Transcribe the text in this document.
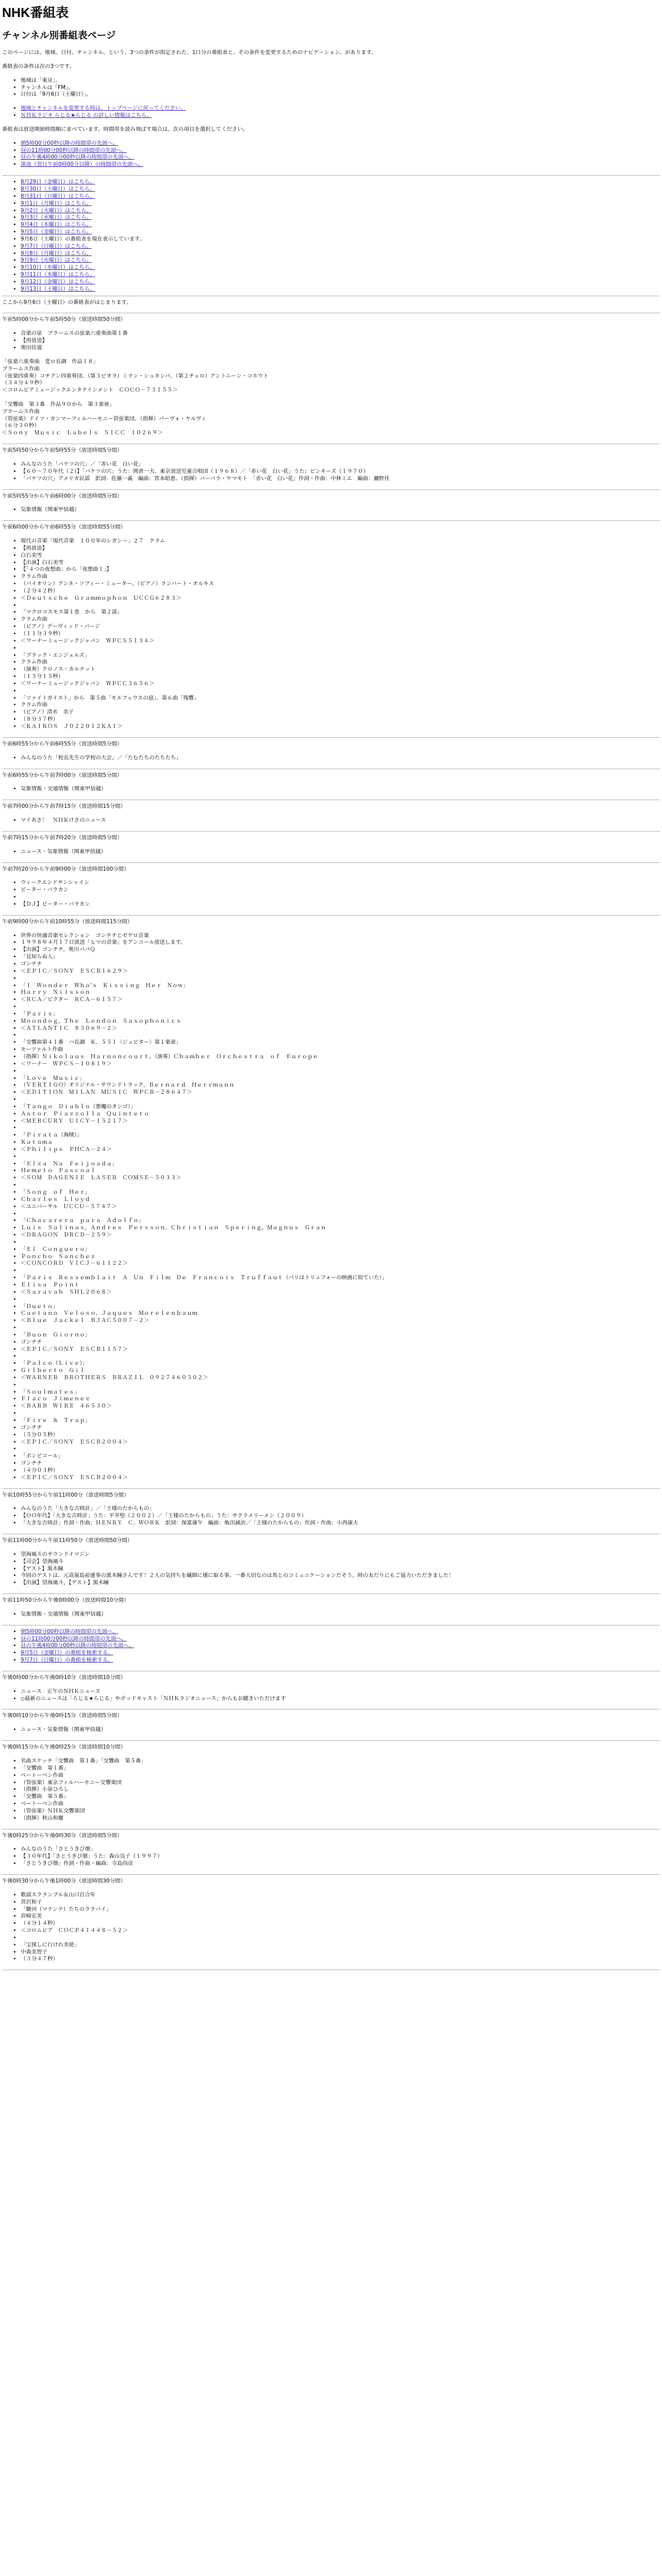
NHK番組表
チャンネル別番組表ページ

このページには、地域、日付、チャンネル、という、3つの条件が指定された、1日分の番組表と、その条件を変更するためのナビゲーション、があります。

番組表の条件は次の3つです。

• 地域は「東京」。
• チャンネルは「FM」。
• 日付は「9月6日（土曜日）」。
• 地域とチャンネルを変更する時は、トップページに戻ってください。
• ＮＨＫラジオ らじる★らじる の詳しい情報はこちら。

番組表は放送開始時間順に並べています。時間帯を読み飛ばす場合は、次の項目を選択してください。

• 朝5時00分00秒以降の時間帯の先頭へ。
• 昼の11時00分00秒以降の時間帯の先頭へ。
• 昼の午後4時00分00秒以降の時間帯の先頭へ。
• 深夜（翌日午前0時00分以降）の時間帯の先頭へ。
• 8月29日（金曜日）はこちら。
• 8月30日（土曜日）はこちら。
• 8月31日（日曜日）はこちら。
• 9月1日（月曜日）はこちら。
• 9月2日（火曜日）はこちら。
• 9月3日（水曜日）はこちら。
• 9月4日（木曜日）はこちら。
• 9月5日（金曜日）はこちら。
• 9月6日（土曜日）の番組表を現在表示しています。
• 9月7日（日曜日）はこちら。
• 9月8日（月曜日）はこちら。
• 9月9日（火曜日）はこちら。
• 9月10日（水曜日）はこちら。
• 9月11日（木曜日）はこちら。
• 9月12日（金曜日）はこちら。
• 9月13日（土曜日）はこちら。

ここから9月6日（土曜日）の番組表がはじまります。

午前5時00分から午前5時50分（放送時間50分間）
• 音楽の泉　ブラームスの弦楽六重奏曲第１番
• 【再放送】
• 奥田佳道
「弦楽六重奏曲　変ロ長調　作品１８」
ブラームス作曲
（弦楽四重奏）コチアン四重奏団、（第３ビオラ）ミラン・シュカンパ、（第２チェロ）アントニーン・コホウト
（３４分４９秒）
＜コロムビアミュージックエンタテインメント　ＣＯＣＯ－７３１５５＞

「交響曲　第３番　作品９０から　第３楽章」
ブラームス作曲
（管弦楽）ドイツ・カンマーフィルハーモニー管弦楽団、（指揮）パーヴォ・ヤルヴィ
（６分３０秒）
＜Ｓｏｎｙ　Ｍｕｓｉｃ　Ｌａｂｅｌｓ　ＳＩＣＣ　１０２６９＞
午前5時50分から午前5時55分（放送時間5分間）
• みんなのうた「バケツの穴」／「赤い花　白い花」
• 【６０～７０年代（２）】「バケツの穴」うた：岡倉一夫、東京放送児童合唱団（１９６８）／「赤い花　白い花」うた：ピンキーズ（１９７０）
• 「バケツの穴」アメリカ民謡　訳詞：佐藤一義　編曲：宮本昭恵、（指揮）バーバラ・ヤマモト　「赤い花　白い花」作詞・作曲：中林ミエ　編曲：瀬野佳
午前5時55分から午前6時00分（放送時間5分間）
• 気象情報（関東甲信越）
午前6時00分から午前6時55分（放送時間55分間）
• 現代の音楽「現代音楽　１００年のレガシー」２７　クラム
• 【再放送】
• 白石美雪
• 【出演】白石美雪
• 【「４つの夜想曲」から「夜想曲１」】
• クラム作曲
• （バイオリン）アンネ・ソフィー・ミューター、（ピアノ）ランバート・オルキス
• （２分４２秒）
• ＜Ｄｅｕｔｓｃｈｅ　Ｇｒａｍｍｏｐｈｏｎ　ＵＣＣＧ６２８３＞
•
• 「マクロコスモス第１巻　から　第２部」
• クラム作曲
• （ピアノ）デーヴィッド・バージ
• （１１分３９秒）
• ＜ワーナーミュージックジャパン　ＷＰＣＳ５１３４＞
•
• 「ブラック・エンジェルズ」
• クラム作曲
• （演奏）クロノス・カルテット
• （１５分１５秒）
• ＜ワーナーミュージックジャパン　ＷＰＣＣ３６５６＞
•
• 「ツァイトガイスト」から　第５曲「モルフェウスの庭」、第６曲「残響」
• クラム作曲
• （ピアノ）清水　美子
• （８分３７秒）
• ＜ＫＡＩＲＯＳ　Ｊ０２２０１２ＫＡＩ＞
午前6時55分から午前6時55分（放送時間5分間）
• みんなのうた「校長先生の学校の大会」／「たむたちのたちたち」
午前6時55分から午前7時00分（放送時間5分間）
• 気象情報・交通情報（関東甲信越）
午前7時00分から午前7時15分（放送時間15分間）
• マイあさ！　ＮＨＫけさのニュース
午前7時15分から午前7時20分（放送時間5分間）
• ニュース・気象情報（関東甲信越）
午前7時20分から午前9時00分（放送時間100分間）
• ウィークエンドサンシャイン
• ピーター・バラカン
•
• 【ＤＪ】ピーター・バラカン
午前9時00分から午前10時55分（放送時間115分間）
• 世界の快適音楽セレクション　ゴンチチとゼゲロ音楽
• １９９８年４月１７日放送「ヒマの音楽」をアンコール放送します。
• 【出演】ゴンチチ，奥川パパＱ
• 「見知らぬ人」
• ゴンチチ
• ＜ＥＰＩＣ／ＳＯＮＹ　ＥＳＣＢ１６２９＞
•
• 「Ｉ　Ｗｏｎｄｅｒ　Ｗｈｏ’ｓ　Ｋｉｓｓｉｎｇ　Ｈｅｒ　Ｎｏｗ」
• Ｈａｒｒｙ　Ｎｉｌｓｓｏｎ
• ＜ＲＣＡ／ビクター　ＲＣＡ－６１５７＞
•
• 「Ｐａｒｉｓ」
• Ｍｏｏｎｄｏｇ，Ｔｈｅ　Ｌｏｎｄｏｎ　Ｓａｘｏｐｈｏｎｉｃｓ
• ＜ＡＴＬＡＮＴＩＣ　８３０６９－２＞
•
• 「交響曲第４１番　ハ長調　Ｋ．５５１〈ジュピター〉第１楽章」
• モーツァルト作曲
• （指揮）Ｎｉｋｏｌａｕｓ　Ｈａｒｎｏｎｃｏｕｒｔ，（演奏）Ｃｈａｍｂｅｒ　Ｏｒｃｈｅｓｔｒａ　ｏｆ　Ｅｕｒｏｐｅ
• ＜ワーナー　ＷＰＣＳ－１０８１９＞
•
• 「Ｌｏｖｅ　Ｍｕｓｉｃ」
• （ＶＥＲＴＩＧＯ）オリジナル・サウンドトラック，Ｂｅｒｎａｒｄ　Ｈｅｒｒｍａｎｎ
• ＜ＥＤＩＴＩＯＮ　ＭＩＬＡＮ　ＭＵＳＩＣ　ＷＰＣＲ－２８６４７＞
•
• 「Ｔａｎｇｏ　Ｄｉａｂｌｏ（悪魔のタンゴ）」
• Ａｓｔｏｒ　Ｐｉａｚｚｏｌｌａ　Ｑｕｉｎｔｅｔｏ
• ＜ＭＥＲＣＵＲＹ　ＵＩＣＹ－１５２１７＞
•
• 「Ｐｉｒａｔａ（海賊）」
• Ｋａｔａｍａ
• ＜Ｐｈｉｌｉｐｓ　ＰＨＣＡ－２４＞
•
• 「Ｅｌｚａ　Ｎａ　Ｆｅｉｊｏａｄａ」
• Ｈｅｍｅｔｏ　Ｐａｓｃｏａｌ
• ＜ＳＯＭ　ＤＡＧＥＮＩＥ　ＬＡＳＥＲ　ＣＯＭＳＥ－５０３３＞
•
• 「Ｓｏｎｇ　ｏｆ　Ｈｅｒ」
• Ｃｈａｒｌｅｓ　Ｌｌｏｙｄ
• ＜ユニバーサル　ＵＣＣＵ－５７４７＞
•
• 「Ｃｈａｃａｒｅｒａ　ｐａｒａ　Ａｄｏｌｆｏ」
• Ｌｕｉｓ　Ｓａｌｉｎａｓ，Ａｎｄｒｅｓ　Ｐｅｒｓｓｏｎ，Ｃｈｒｉｓｔｉａｎ　Ｓｐｅｒｉｎｇ，Ｍａｇｎｕｓ　Ｇｒａｎ
• ＜ＤＲＡＧＯＮ　ＤＲＣＤ－２５９＞
•
• 「Ｅｌ　Ｃｏｎｇｕｅｒｏ」
• Ｐｏｎｃｈｏ　Ｓａｎｃｈｅｚ
• ＜ＣＯＮＣＯＲＤ　ＶＩＣＪ－６１１２２＞
•
• 「Ｐａｒｉｓ　Ｒｅｓｓｅｍｂｌａｉｔ　Ａ　Ｕｎ　Ｆｉｌｍ　Ｄｅ　Ｆｒａｎｃｏｉｓ　Ｔｒｕｆｆａｕｔ（パリはトリュフォーの映画に似ていた）」
• Ｅｌｉｓａ　Ｐｏｉｎｔ
• ＜Ｓａｒａｖａｈ　ＳＨＬ２０６８＞
•
• 「Ｄｕｅｔｏ」
• Ｃａｅｔａｎｏ　Ｖｅｌｏｓｏ，Ｊａｑｕｅｓ　Ｍｏｒｅｌｅｎｂａｕｍ
• ＜Ｂｌｕｅ　Ｊａｃｋｅｌ　ＢＪＡＣ５００７－２＞
•
• 「Ｂｕｏｎ　Ｇｉｏｒｎｏ」
• ゴンチチ
• ＜ＥＰＩＣ／ＳＯＮＹ　ＥＳＣＢ１１５７＞
•
• 「Ｐａｌｃｏ（Ｌｉｖｅ）」
• Ｇｉｌｂｅｒｔｏ　Ｇｉｌ
• ＜ＷＡＲＮＥＲ　ＢＲＯＴＨＥＲＳ　ＢＲＡＺＩＬ　０９２７４６０５０２＞
•
• 「Ｓｏｕｌｍａｔｅｓ」
• Ｆｌａｃｏ　Ｊｉｍｅｎｅｚ
• ＜ＢＡＲＢ　ＷＩＲＥ　４６５３０＞
•
• 「Ｆｉｒｅ　＆　Ｔｒａｐ」
• ゴンチチ
• （５分０５秒）
• ＜ＥＰＩＣ／ＳＯＮＹ　ＥＳＣＢ２００４＞
•
• 「ポンピコール」
• ゴンチチ
• （４分０３秒）
• ＜ＥＰＩＣ／ＳＯＮＹ　ＥＳＣＢ２００４＞
午前10時55分から午前11時00分（放送時間5分間）
• みんなのうた「大きな古時計」／「王様のたからもの」
• 【ＯＯ年代】「大きな古時計」うた：平井堅（２００２）／「王様のたからもの」うた：サクラメリーメン（２００９）
• 「大きな古時計」作詞・作曲：ＨＥＮＲＹ　Ｃ．ＷＯＲＫ　訳詞：保富康午　編曲：亀田誠治／「王様のたからもの」作詞・作曲：小西康夫
午前11時00分から午前11時50分（放送時間50分間）
• 望海風斗のサウンドイマジン
• 【司会】望海風斗
• 【ゲスト】黒木瞳
• 今回のゲストは、元高嶺島前運事の黒木瞳さんです！２人の気持ちを繊細に優に取る事。一番大切なのは馬とのコミュニケーションだそう。時の友だりにもご協力いただきました！
• 【出演】望海風斗，【ゲスト】黒木瞳
午前11時50分から午後0時00分（放送時間10分間）
• 気象情報・交通情報（関東甲信越）
• 朝5時00分00秒以降の時間帯の先頭へ。
• 昼の11時00分00秒以降の時間帯の先頭へ。
• 昼の午後4時00分00秒以降の時間帯の先頭へ。
• 9月5日（金曜日）の番組を検索する。
• 9月7日（日曜日）の番組を検索する。
午後0時00分から午後0時10分（放送時間10分間）
• ニュース　正午のＮＨＫニュース
• ◇最新のニュースは「らじる★らじる」やポッドキャスト「ＮＨＫラジオニュース」からもお聴きいただけます
午後0時10分から午後0時15分（放送時間5分間）
• ニュース・気象情報（関東甲信越）
午後0時15分から午後0時25分（放送時間10分間）
• 名曲スケッチ「交響曲　第１番」「交響曲　第５番」
• 「交響曲　第１番」
• ベートーベン作曲
• （管弦楽）東京フィルハーモニー交響楽団
• （指揮）小泉ひろし
• 「交響曲　第５番」
• ベートーベン作曲
• （管弦楽）ＮＨＫ交響楽団
• （指揮）秋山和慶
午後0時25分から午後0時30分（放送時間5分間）
• みんなのうた「さとうきび畑」
• 【３０年代】「さとうきび畑」うた：森山良子（１９９７）
• 「さとうきび畑」作詞・作曲・編曲：寺島尚彦
午後0時30分から午後1時00分（放送時間30分間）
• 歌謡スクランブル＆山口百合年
• 宮沢和子
• 「駿河（マナンテ）たちのララバイ」
• 岩崎宏美
• （４分１４秒）
• ＜コロムビア　ＣＯＣＰ４１４４８－５２＞
•
• 「宝探しに行けれ美使」
• 中森美智子
• （３分４７秒）
